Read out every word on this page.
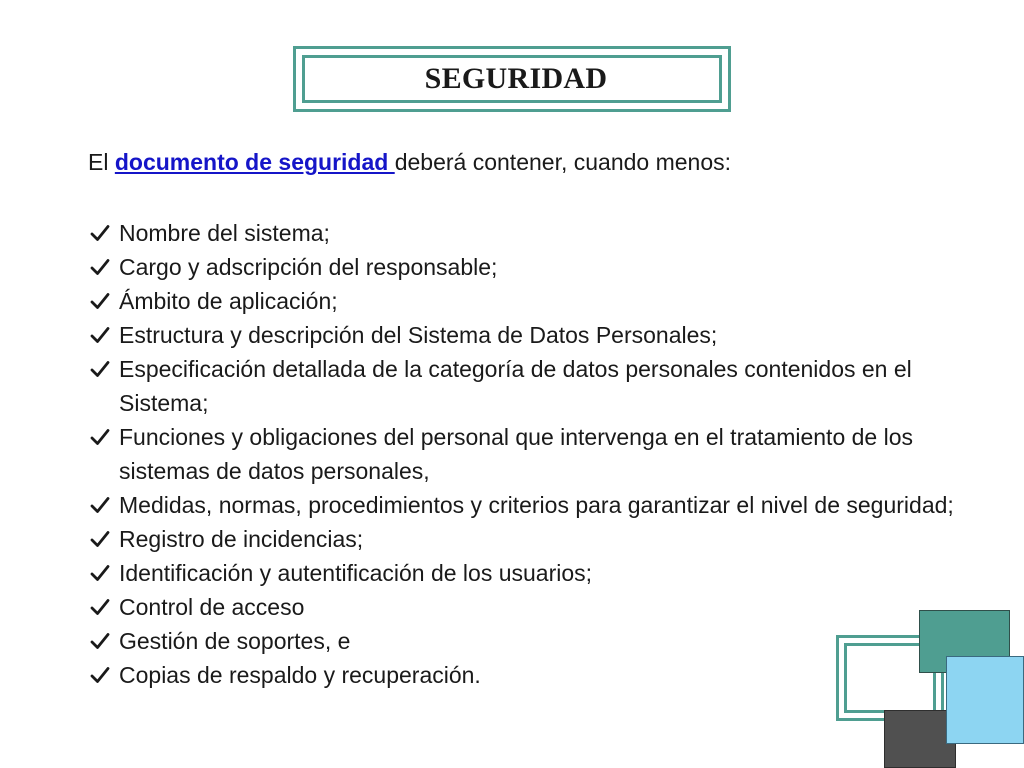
SEGURIDAD
El documento de seguridad deberá contener, cuando menos:
Nombre del sistema;
Cargo y adscripción del responsable;
Ámbito de aplicación;
Estructura y descripción del Sistema de Datos Personales;
Especificación detallada de la categoría de datos personales contenidos en el Sistema;
Funciones y obligaciones del personal que intervenga en el tratamiento de los sistemas de datos personales,
Medidas, normas, procedimientos y criterios para garantizar el nivel de seguridad;
Registro de incidencias;
Identificación y autentificación de los usuarios;
Control de acceso
Gestión de soportes, e
Copias de respaldo y recuperación.
